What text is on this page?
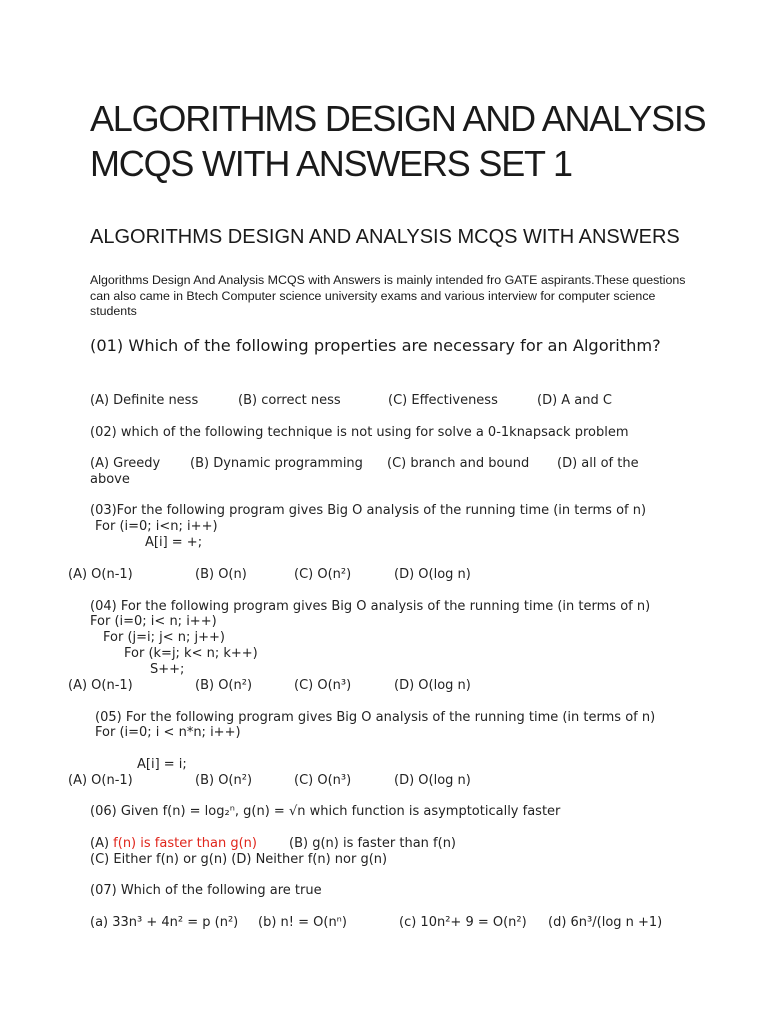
ALGORITHMS DESIGN AND ANALYSIS MCQS WITH ANSWERS SET 1
ALGORITHMS DESIGN AND ANALYSIS MCQS WITH ANSWERS
Algorithms Design And Analysis MCQS with Answers is mainly intended fro GATE aspirants.These questions can also came in Btech Computer science university exams and various interview for computer science students
(01) Which of the following properties are necessary for an Algorithm?
(A) Definite ness	(B) correct ness	(C) Effectiveness	(D) A and C
(02) which of the following technique is not using for solve a 0-1knapsack problem
(A) Greedy (B) Dynamic programming (C) branch and bound (D) all of the
above
(03)For the following program gives Big O analysis of the running time (in terms of n)
For (i=0; i<n; i++)
A[i] = +;
(A) O(n-1)	(B) O(n)	(C) O(n²)	(D) O(log n)
(04) For the following program gives Big O analysis of the running time (in terms of n)
For (i=0; i< n; i++)
For (j=i; j< n; j++)
For (k=j; k< n; k++)
S++;
(A) O(n-1)	(B) O(n²)	(C) O(n³)	(D) O(log n)
(05) For the following program gives Big O analysis of the running time (in terms of n)
For (i=0; i < n*n; i++)
A[i] = i;
(A) O(n-1)	(B) O(n²)	(C) O(n³)	(D) O(log n)
(06) Given f(n) = log₂ⁿ, g(n) = √n which function is asymptotically faster
(A) f(n) is faster than g(n) (B) g(n) is faster than f(n)
(C) Either f(n) or g(n) (D) Neither f(n) nor g(n)
(07) Which of the following are true
(a) 33n³ + 4n² = p (n²) (b) n! = O(nⁿ)	(c) 10n²+ 9 = O(n²) (d) 6n³/(log n +1)
